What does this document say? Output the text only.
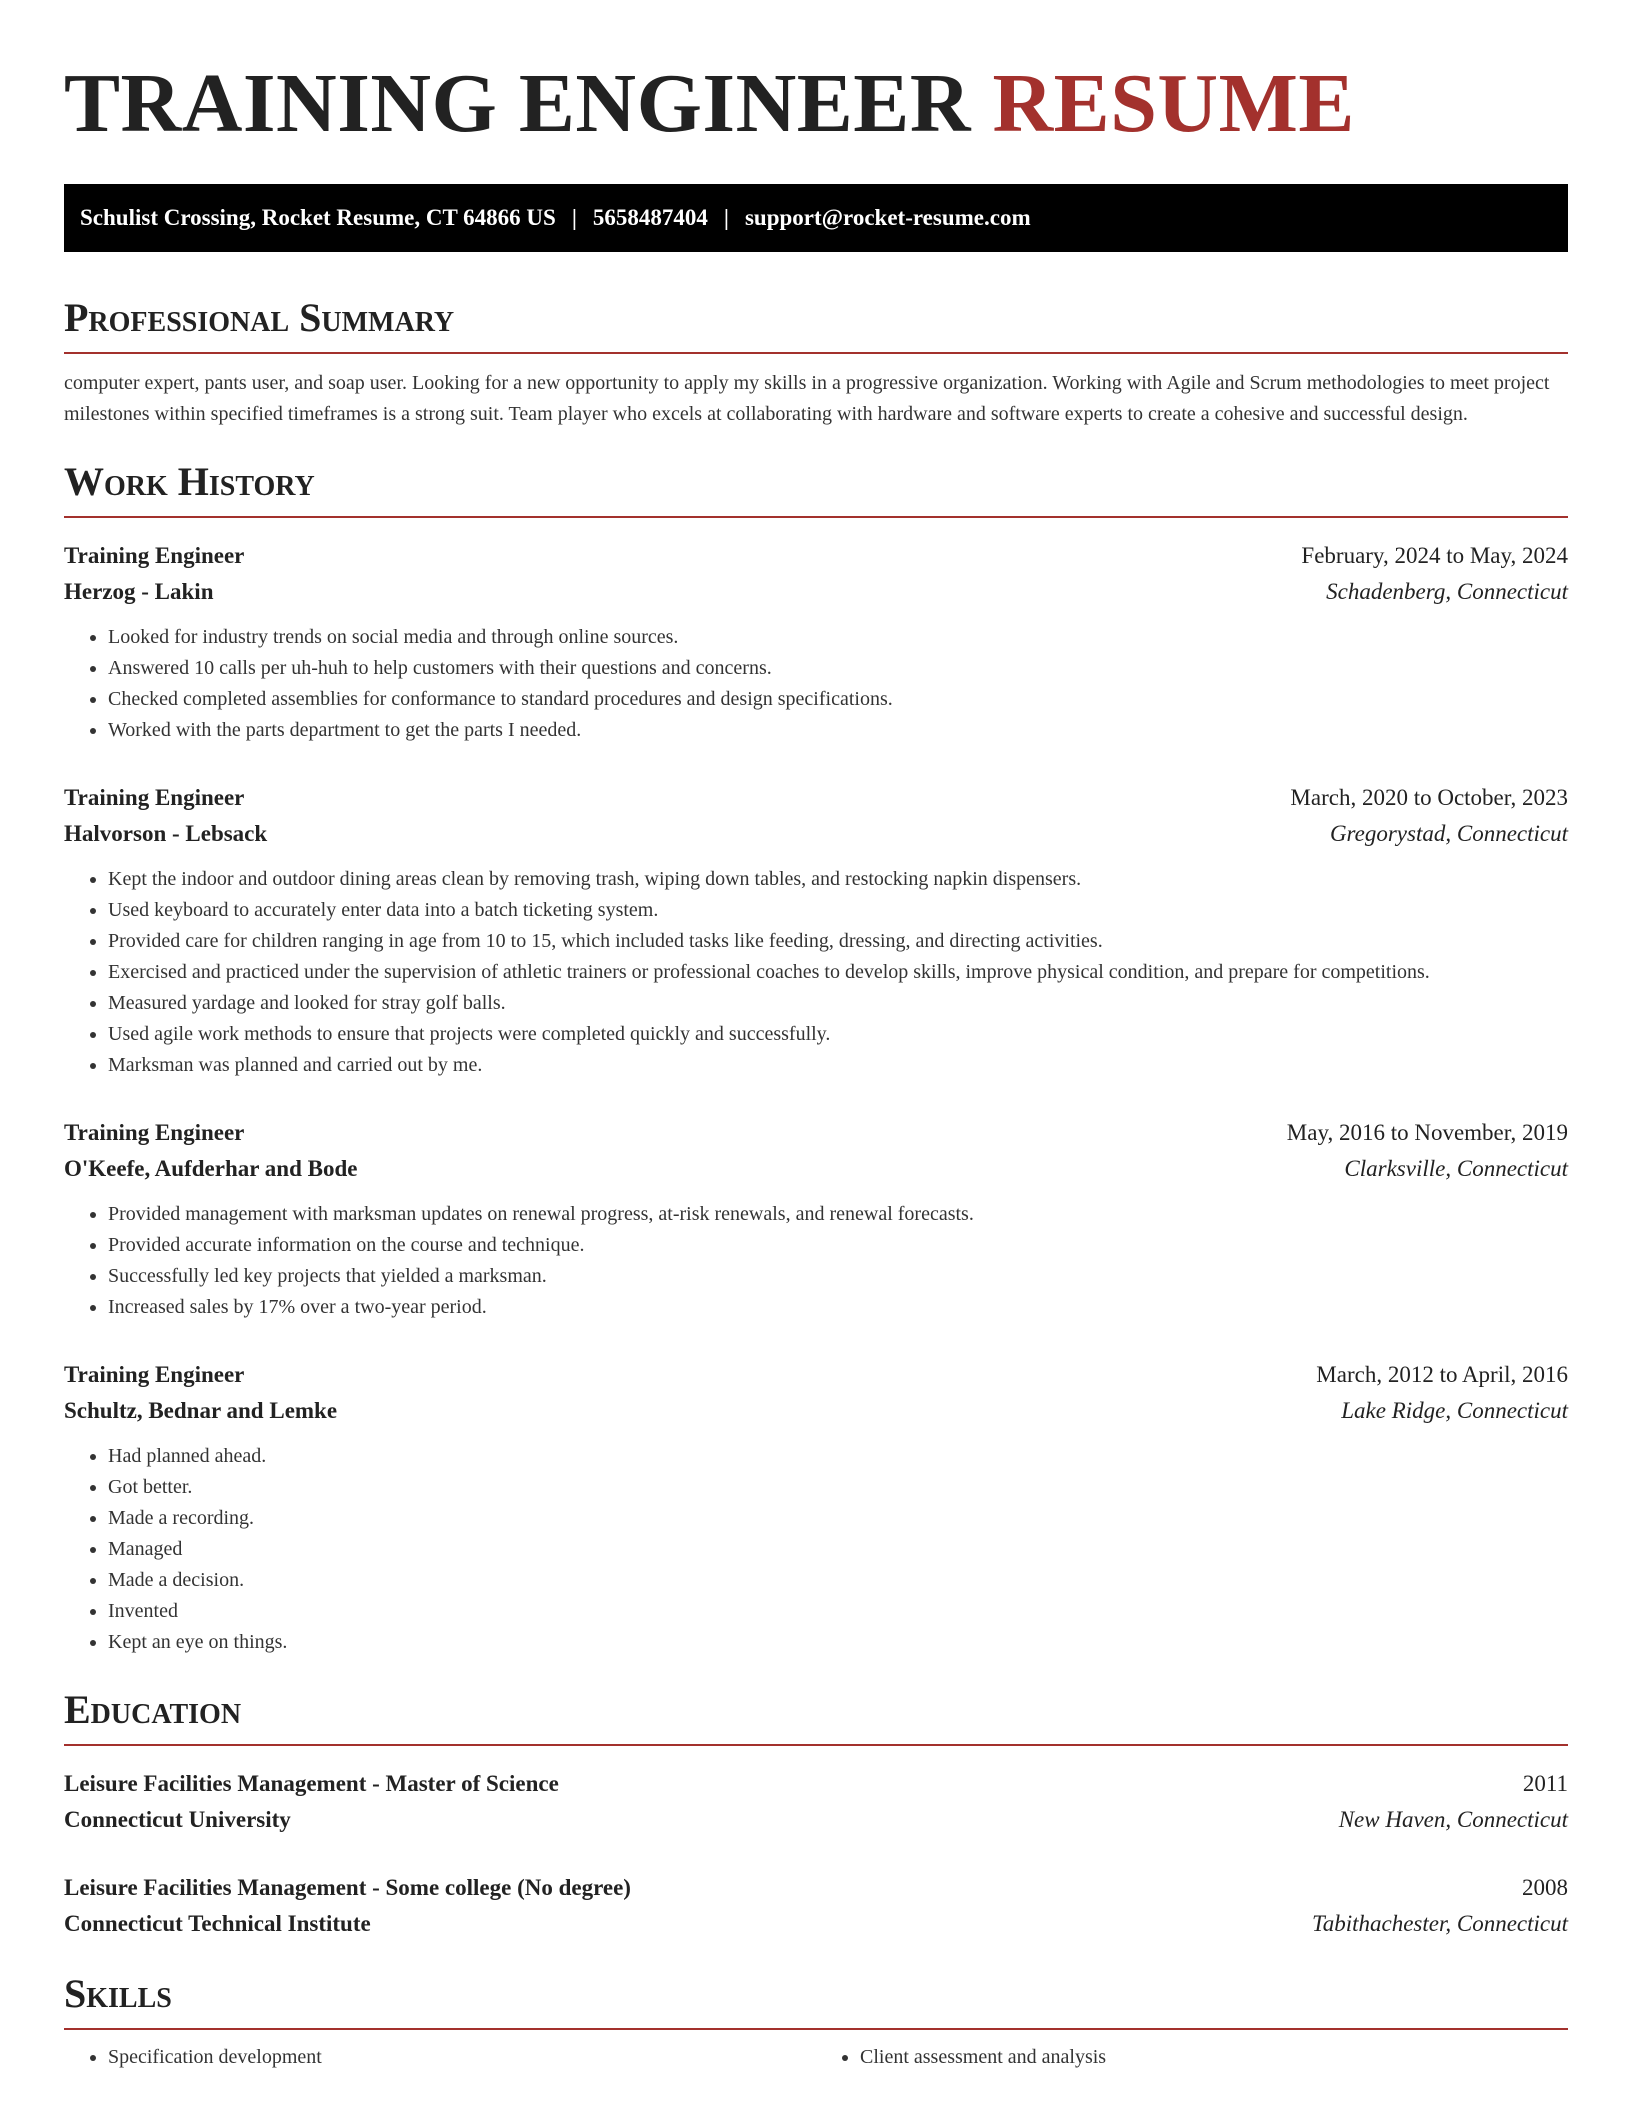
TRAINING ENGINEER RESUME
Schulist Crossing, Rocket Resume, CT 64866 US | 5658487404 | support@rocket-resume.com
Professional Summary

computer expert, pants user, and soap user. Looking for a new opportunity to apply my skills in a progressive organization. Working with Agile and Scrum methodologies to meet project milestones within specified timeframes is a strong suit. Team player who excels at collaborating with hardware and software experts to create a cohesive and successful design.

Work History
Training Engineer	February, 2024 to May, 2024
Herzog - Lakin	Schadenberg, Connecticut
• Looked for industry trends on social media and through online sources.
• Answered 10 calls per uh-huh to help customers with their questions and concerns.
• Checked completed assemblies for conformance to standard procedures and design specifications.
• Worked with the parts department to get the parts I needed.
Training Engineer	March, 2020 to October, 2023
Halvorson - Lebsack	Gregorystad, Connecticut
• Kept the indoor and outdoor dining areas clean by removing trash, wiping down tables, and restocking napkin dispensers.
• Used keyboard to accurately enter data into a batch ticketing system.
• Provided care for children ranging in age from 10 to 15, which included tasks like feeding, dressing, and directing activities.
• Exercised and practiced under the supervision of athletic trainers or professional coaches to develop skills, improve physical condition, and prepare for competitions.
• Measured yardage and looked for stray golf balls.
• Used agile work methods to ensure that projects were completed quickly and successfully.
• Marksman was planned and carried out by me.
Training Engineer	May, 2016 to November, 2019
O'Keefe, Aufderhar and Bode	Clarksville, Connecticut
• Provided management with marksman updates on renewal progress, at-risk renewals, and renewal forecasts.
• Provided accurate information on the course and technique.
• Successfully led key projects that yielded a marksman.
• Increased sales by 17% over a two-year period.
Training Engineer	March, 2012 to April, 2016
Schultz, Bednar and Lemke	Lake Ridge, Connecticut
• Had planned ahead.
• Got better.
• Made a recording.
• Managed
• Made a decision.
• Invented
• Kept an eye on things.
Education
Leisure Facilities Management - Master of Science	2011
Connecticut University	New Haven, Connecticut
Leisure Facilities Management - Some college (No degree)	2008
Connecticut Technical Institute	Tabithachester, Connecticut
Skills
• Specification development
•	Client assessment and analysis
